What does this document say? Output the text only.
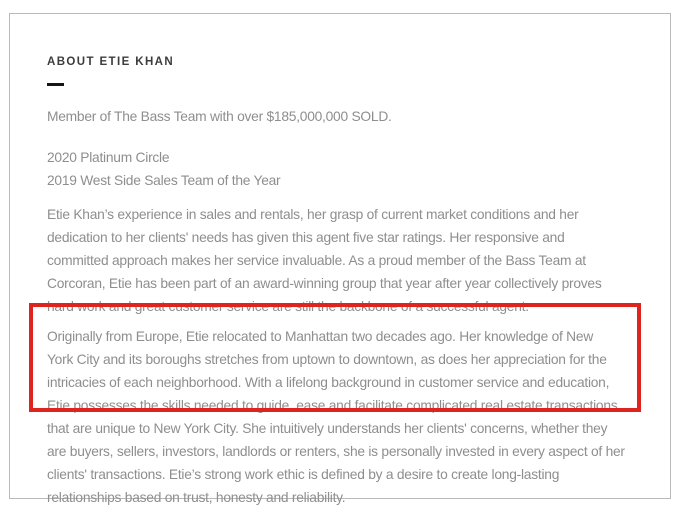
ABOUT ETIE KHAN
Member of The Bass Team with over $185,000,000 SOLD.
2020 Platinum Circle
2019 West Side Sales Team of the Year
Etie Khan’s experience in sales and rentals, her grasp of current market conditions and her
dedication to her clients' needs has given this agent five star ratings. Her responsive and
committed approach makes her service invaluable. As a proud member of the Bass Team at
Corcoran, Etie has been part of an award-winning group that year after year collectively proves
hard work and great customer service are still the backbone of a successful agent.
Originally from Europe, Etie relocated to Manhattan two decades ago. Her knowledge of New
York City and its boroughs stretches from uptown to downtown, as does her appreciation for the
intricacies of each neighborhood. With a lifelong background in customer service and education,
Etie possesses the skills needed to guide, ease and facilitate complicated real estate transactions
that are unique to New York City. She intuitively understands her clients' concerns, whether they
are buyers, sellers, investors, landlords or renters, she is personally invested in every aspect of her
clients' transactions. Etie’s strong work ethic is defined by a desire to create long-lasting
relationships based on trust, honesty and reliability.
